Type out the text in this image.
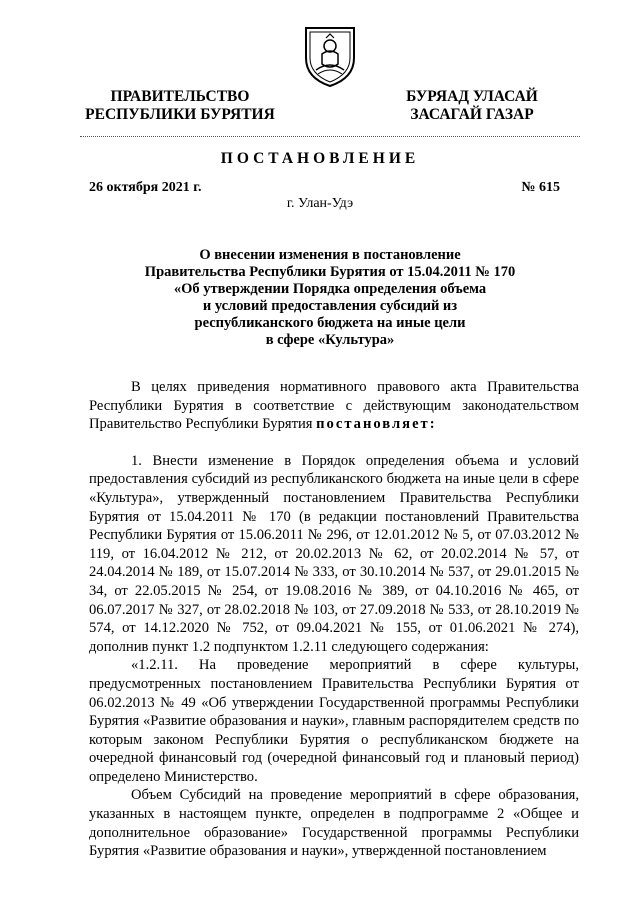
ПРАВИТЕЛЬСТВО
РЕСПУБЛИКИ БУРЯТИЯ
БУРЯАД УЛАСАЙ
ЗАСАГАЙ ГАЗАР
ПОСТАНОВЛЕНИЕ
26 октября 2021 г.	№ 615
г. Улан-Удэ
О внесении изменения в постановление
Правительства Республики Бурятия от 15.04.2011 № 170
«Об утверждении Порядка определения объема
и условий предоставления субсидий из
республиканского бюджета на иные цели
в сфере «Культура»

В целях приведения нормативного правового акта Правительства Республики Бурятия в соответствие с действующим законодательством Правительство Республики Бурятия постановляет:

1. Внести изменение в Порядок определения объема и условий предоставления субсидий из республиканского бюджета на иные цели в сфере «Культура», утвержденный постановлением Правительства Республики Бурятия от 15.04.2011 № 170 (в редакции постановлений Правительства Республики Бурятия от 15.06.2011 № 296, от 12.01.2012 № 5, от 07.03.2012 № 119, от 16.04.2012 № 212, от 20.02.2013 № 62, от 20.02.2014 № 57, от 24.04.2014 № 189, от 15.07.2014 № 333, от 30.10.2014 № 537, от 29.01.2015 № 34, от 22.05.2015 № 254, от 19.08.2016 № 389, от 04.10.2016 № 465, от 06.07.2017 № 327, от 28.02.2018 № 103, от 27.09.2018 № 533, от 28.10.2019 № 574, от 14.12.2020 № 752, от 09.04.2021 № 155, от 01.06.2021 № 274), дополнив пункт 1.2 подпунктом 1.2.11 следующего содержания:

«1.2.11. На проведение мероприятий в сфере культуры, предусмотренных постановлением Правительства Республики Бурятия от 06.02.2013 № 49 «Об утверждении Государственной программы Республики Бурятия «Развитие образования и науки», главным распорядителем средств по которым законом Республики Бурятия о республиканском бюджете на очередной финансовый год (очередной финансовый год и плановый период) определено Министерство.

Объем Субсидий на проведение мероприятий в сфере образования, указанных в настоящем пункте, определен в подпрограмме 2 «Общее и дополнительное образование» Государственной программы Республики Бурятия «Развитие образования и науки», утвержденной постановлением
